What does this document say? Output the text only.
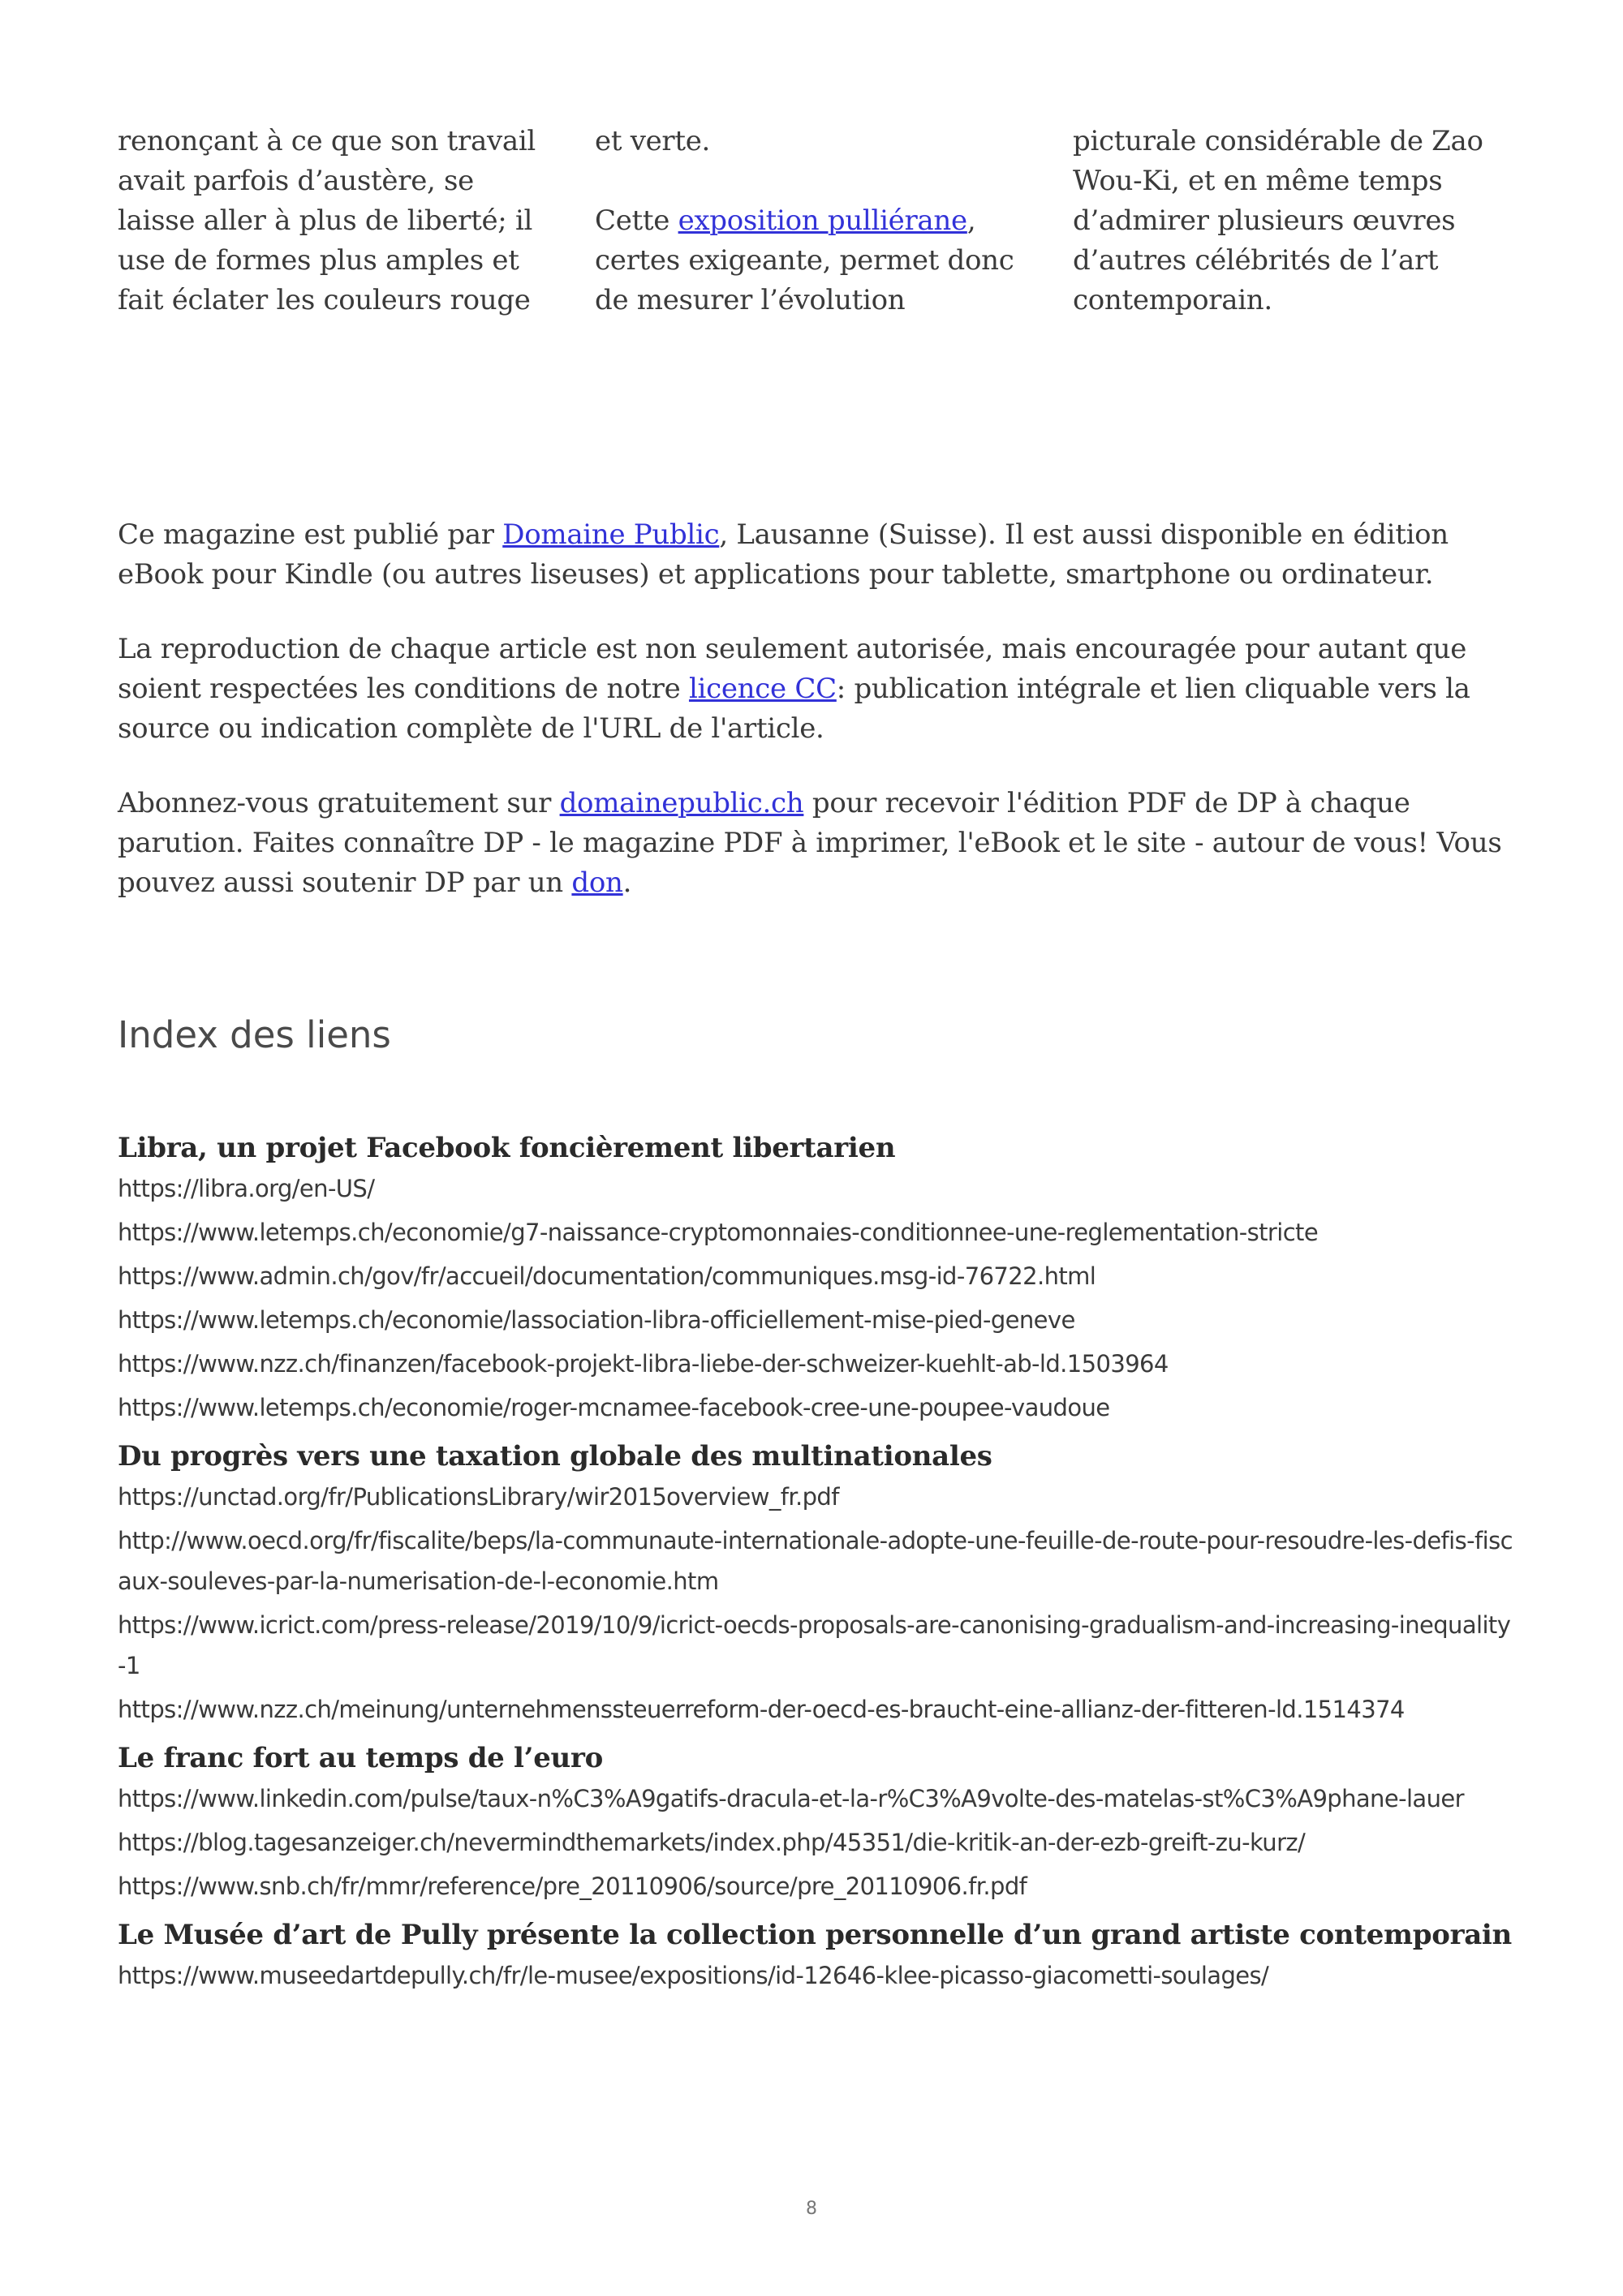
renonçant à ce que son travail avait parfois d’austère, se laisse aller à plus de liberté; il use de formes plus amples et fait éclater les couleurs rouge

et verte.

Cette exposition pulliérane, certes exigeante, permet donc de mesurer l’évolution

picturale considérable de Zao Wou-Ki, et en même temps d’admirer plusieurs œuvres d’autres célébrités de l’art contemporain.

Ce magazine est publié par Domaine Public, Lausanne (Suisse). Il est aussi disponible en édition eBook pour Kindle (ou autres liseuses) et applications pour tablette, smartphone ou ordinateur.

La reproduction de chaque article est non seulement autorisée, mais encouragée pour autant que soient respectées les conditions de notre licence CC: publication intégrale et lien cliquable vers la source ou indication complète de l'URL de l'article.

Abonnez-vous gratuitement sur domainepublic.ch pour recevoir l'édition PDF de DP à chaque parution. Faites connaître DP - le magazine PDF à imprimer, l'eBook et le site - autour de vous! Vous pouvez aussi soutenir DP par un don.

Index des liens
Libra, un projet Facebook foncièrement libertarien
https://libra.org/en-US/
https://www.letemps.ch/economie/g7-naissance-cryptomonnaies-conditionnee-une-reglementation-stricte
https://www.admin.ch/gov/fr/accueil/documentation/communiques.msg-id-76722.html
https://www.letemps.ch/economie/lassociation-libra-officiellement-mise-pied-geneve
https://www.nzz.ch/finanzen/facebook-projekt-libra-liebe-der-schweizer-kuehlt-ab-ld.1503964
https://www.letemps.ch/economie/roger-mcnamee-facebook-cree-une-poupee-vaudoue
Du progrès vers une taxation globale des multinationales
https://unctad.org/fr/PublicationsLibrary/wir2015overview_fr.pdf
http://www.oecd.org/fr/fiscalite/beps/la-communaute-internationale-adopte-une-feuille-de-route-pour-resoudre-les-defis-fiscaux-souleves-par-la-numerisation-de-l-economie.htm
https://www.icrict.com/press-release/2019/10/9/icrict-oecds-proposals-are-canonising-gradualism-and-increasing-inequality-1
https://www.nzz.ch/meinung/unternehmenssteuerreform-der-oecd-es-braucht-eine-allianz-der-fitteren-ld.1514374
Le franc fort au temps de l’euro
https://www.linkedin.com/pulse/taux-n%C3%A9gatifs-dracula-et-la-r%C3%A9volte-des-matelas-st%C3%A9phane-lauer
https://blog.tagesanzeiger.ch/nevermindthemarkets/index.php/45351/die-kritik-an-der-ezb-greift-zu-kurz/
https://www.snb.ch/fr/mmr/reference/pre_20110906/source/pre_20110906.fr.pdf
Le Musée d’art de Pully présente la collection personnelle d’un grand artiste contemporain
https://www.museedartdepully.ch/fr/le-musee/expositions/id-12646-klee-picasso-giacometti-soulages/
8
